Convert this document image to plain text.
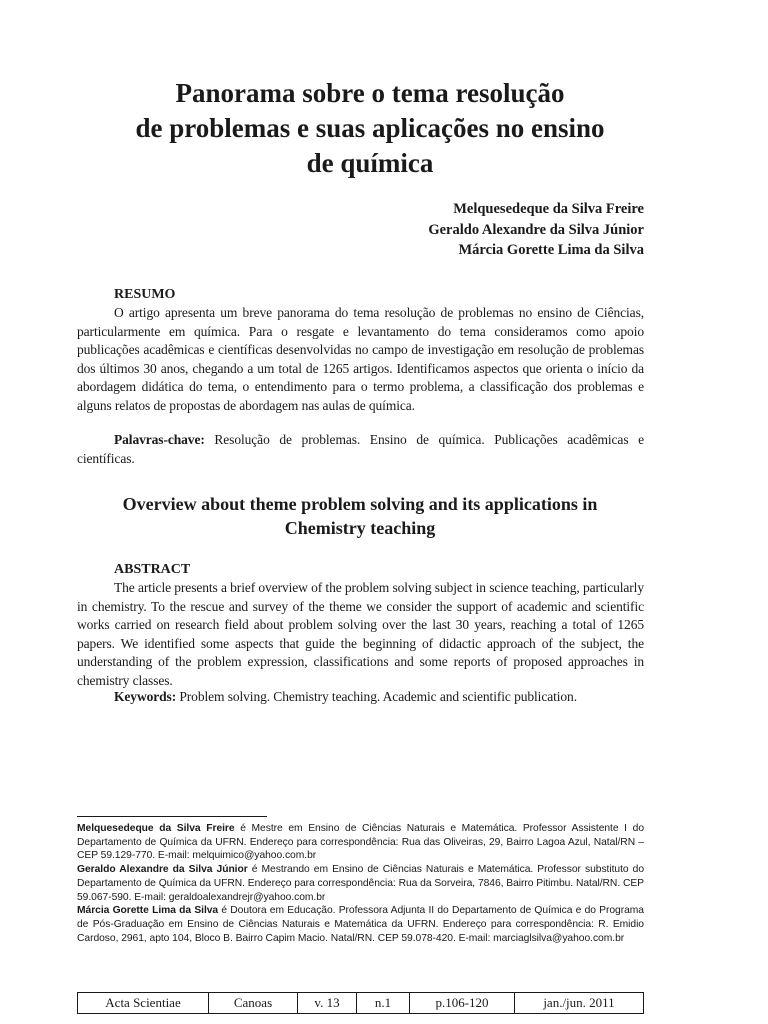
Panorama sobre o tema resolução
de problemas e suas aplicações no ensino
de química
Melquesedeque da Silva Freire
Geraldo Alexandre da Silva Júnior
Márcia Gorette Lima da Silva
RESUMO

O artigo apresenta um breve panorama do tema resolução de problemas no ensino de Ciências, particularmente em química. Para o resgate e levantamento do tema consideramos como apoio publicações acadêmicas e científicas desenvolvidas no campo de investigação em resolução de problemas dos últimos 30 anos, chegando a um total de 1265 artigos. Identificamos aspectos que orienta o início da abordagem didática do tema, o entendimento para o termo problema, a classificação dos problemas e alguns relatos de propostas de abordagem nas aulas de química.

Palavras-chave: Resolução de problemas. Ensino de química. Publicações acadêmicas e científicas.

Overview about theme problem solving and its applications in
Chemistry teaching
ABSTRACT

The article presents a brief overview of the problem solving subject in science teaching, particularly in chemistry. To the rescue and survey of the theme we consider the support of academic and scientific works carried on research field about problem solving over the last 30 years, reaching a total of 1265 papers. We identified some aspects that guide the beginning of didactic approach of the subject, the understanding of the problem expression, classifications and some reports of proposed approaches in chemistry classes.

Keywords: Problem solving. Chemistry teaching. Academic and scientific publication.

Melquesedeque da Silva Freire é Mestre em Ensino de Ciências Naturais e Matemática. Professor Assistente I do Departamento de Química da UFRN. Endereço para correspondência: Rua das Oliveiras, 29, Bairro Lagoa Azul, Natal/RN – CEP 59.129-770. E-mail: melquimico@yahoo.com.br

Geraldo Alexandre da Silva Júnior é Mestrando em Ensino de Ciências Naturais e Matemática. Professor substituto do Departamento de Química da UFRN. Endereço para correspondência: Rua da Sorveira, 7846, Bairro Pitimbu. Natal/RN. CEP 59.067-590. E-mail: geraldoalexandrejr@yahoo.com.br

Márcia Gorette Lima da Silva é Doutora em Educação. Professora Adjunta II do Departamento de Química e do Programa de Pós-Graduação em Ensino de Ciências Naturais e Matemática da UFRN. Endereço para correspondência: R. Emidio Cardoso, 2961, apto 104, Bloco B. Bairro Capim Macio. Natal/RN. CEP 59.078-420. E-mail: marciaglsilva@yahoo.com.br

Acta Scientiae	Canoas	v. 13	n.1	p.106-120	jan./jun. 2011
